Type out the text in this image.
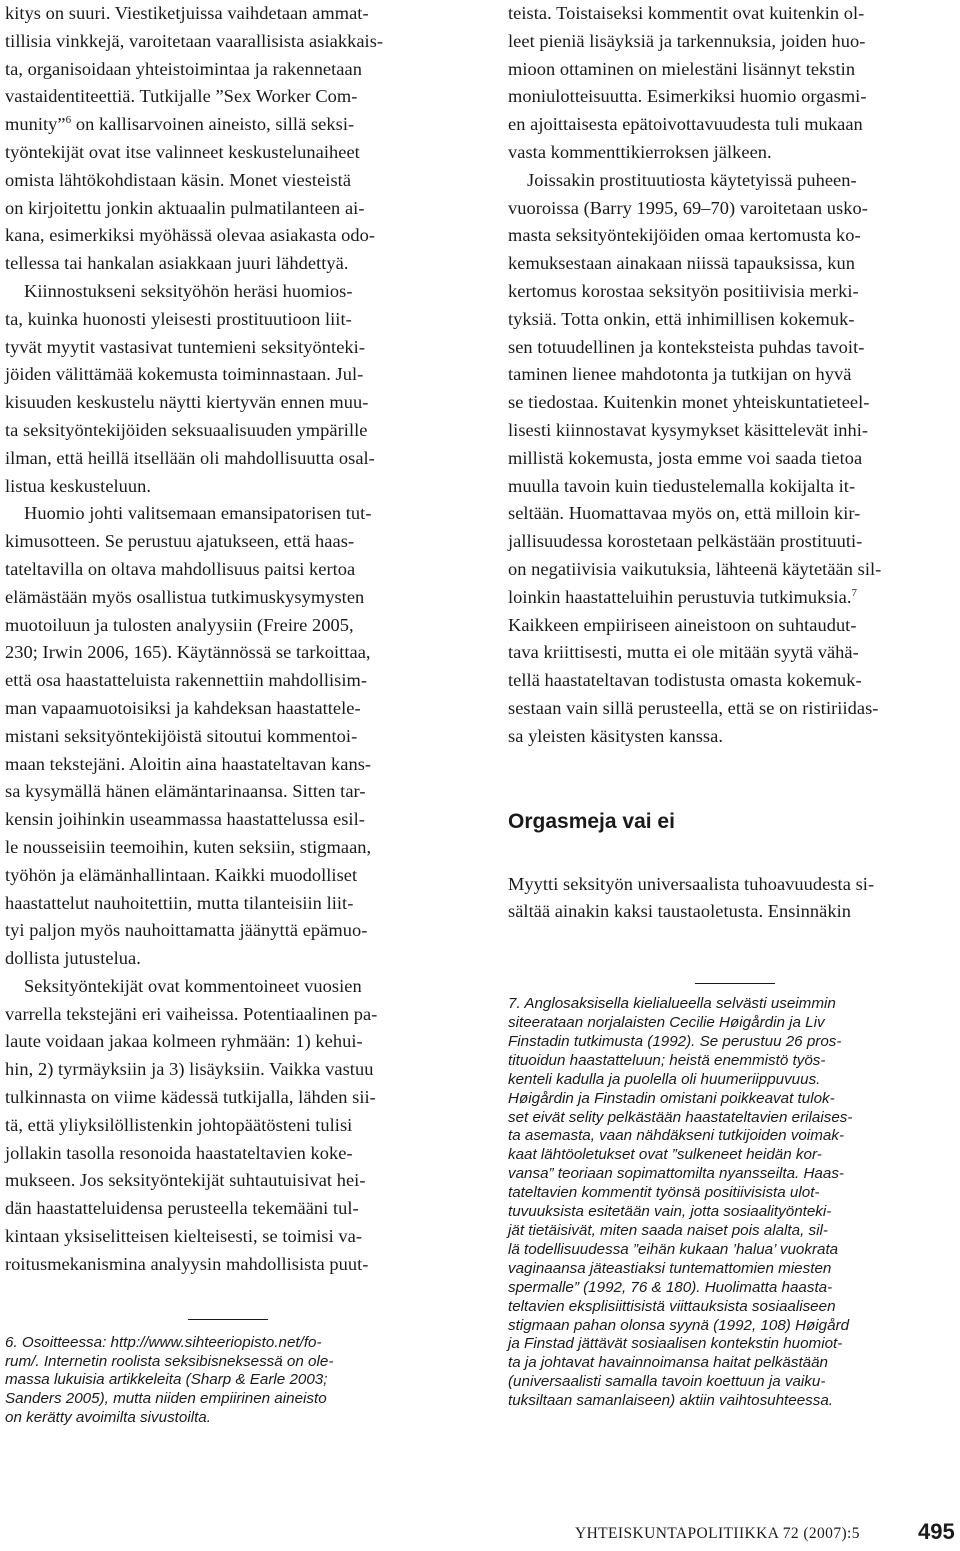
kitys on suuri. Viestiketjuissa vaihdetaan ammat-

tillisia vinkkejä, varoitetaan vaarallisista asiakkais-

ta, organisoidaan yhteistoimintaa ja rakennetaan

vastaidentiteettiä. Tutkijalle ”Sex Worker Com-

munity”$^6$ on kallisarvoinen aineisto, sillä seksi-

työntekijät ovat itse valinneet keskustelunaiheet

omista lähtökohdistaan käsin. Monet viesteistä

on kirjoitettu jonkin aktuaalin pulmatilanteen ai-

kana, esimerkiksi myöhässä olevaa asiakasta odo-

tellessa tai hankalan asiakkaan juuri lähdettyä.

Kiinnostukseni seksityöhön heräsi huomios-

ta, kuinka huonosti yleisesti prostituutioon liit-

tyvät myytit vastasivat tuntemieni seksityönteki-

jöiden välittämää kokemusta toiminnastaan. Jul-

kisuuden keskustelu näytti kiertyvän ennen muu-

ta seksityöntekijöiden seksuaalisuuden ympärille

ilman, että heillä itsellään oli mahdollisuutta osal-

listua keskusteluun.

Huomio johti valitsemaan emansipatorisen tut-

kimusotteen. Se perustuu ajatukseen, että haas-

tateltavilla on oltava mahdollisuus paitsi kertoa

elämästään myös osallistua tutkimuskysymysten

muotoiluun ja tulosten analyysiin (Freire 2005,

230; Irwin 2006, 165). Käytännössä se tarkoittaa,

että osa haastatteluista rakennettiin mahdollisim-

man vapaamuotoisiksi ja kahdeksan haastattele-

mistani seksityöntekijöistä sitoutui kommentoi-

maan tekstejäni. Aloitin aina haastateltavan kans-

sa kysymällä hänen elämäntarinaansa. Sitten tar-

kensin joihinkin useammassa haastattelussa esil-

le nousseisiin teemoihin, kuten seksiin, stigmaan,

työhön ja elämänhallintaan. Kaikki muodolliset

haastattelut nauhoitettiin, mutta tilanteisiin liit-

tyi paljon myös nauhoittamatta jäänyttä epämuo-

dollista jutustelua.

Seksityöntekijät ovat kommentoineet vuosien

varrella tekstejäni eri vaiheissa. Potentiaalinen pa-

laute voidaan jakaa kolmeen ryhmään: 1) kehui-

hin, 2) tyrmäyksiin ja 3) lisäyksiin. Vaikka vastuu

tulkinnasta on viime kädessä tutkijalla, lähden sii-

tä, että yliyksilöllistenkin johtopäätösteni tulisi

jollakin tasolla resonoida haastateltavien koke-

mukseen. Jos seksityöntekijät suhtautuisivat hei-

dän haastatteluidensa perusteella tekemääni tul-

kintaan yksiselitteisen kielteisesti, se toimisi va-

roitusmekanismina analyysin mahdollisista puut-

6. Osoitteessa: http://www.sihteeriopisto.net/fo-

rum/. Internetin roolista seksibisneksessä on ole-

massa lukuisia artikkeleita (Sharp & Earle 2003;

Sanders 2005), mutta niiden empiirinen aineisto

on kerätty avoimilta sivustoilta.

teista. Toistaiseksi kommentit ovat kuitenkin ol-

leet pieniä lisäyksiä ja tarkennuksia, joiden huo-

mioon ottaminen on mielestäni lisännyt tekstin

moniulotteisuutta. Esimerkiksi huomio orgasmi-

en ajoittaisesta epätoivottavuudesta tuli mukaan

vasta kommenttikierroksen jälkeen.

Joissakin prostituutiosta käytetyissä puheen-

vuoroissa (Barry 1995, 69–70) varoitetaan usko-

masta seksityöntekijöiden omaa kertomusta ko-

kemuksestaan ainakaan niissä tapauksissa, kun

kertomus korostaa seksityön positiivisia merki-

tyksiä. Totta onkin, että inhimillisen kokemuk-

sen totuudellinen ja konteksteista puhdas tavoit-

taminen lienee mahdotonta ja tutkijan on hyvä

se tiedostaa. Kuitenkin monet yhteiskuntatieteel-

lisesti kiinnostavat kysymykset käsittelevät inhi-

millistä kokemusta, josta emme voi saada tietoa

muulla tavoin kuin tiedustelemalla kokijalta it-

seltään. Huomattavaa myös on, että milloin kir-

jallisuudessa korostetaan pelkästään prostituuti-

on negatiivisia vaikutuksia, lähteenä käytetään sil-

loinkin haastatteluihin perustuvia tutkimuksia.$^7$

Kaikkeen empiiriseen aineistoon on suhtaudut-

tava kriittisesti, mutta ei ole mitään syytä vähä-

tellä haastateltavan todistusta omasta kokemuk-

sestaan vain sillä perusteella, että se on ristiriidas-

sa yleisten käsitysten kanssa.

Orgasmeja vai ei

Myytti seksityön universaalista tuhoavuudesta si-

sältää ainakin kaksi taustaoletusta. Ensinnäkin

7. Anglosaksisella kielialueella selvästi useimmin

siteerataan norjalaisten Cecilie Høigårdin ja Liv

Finstadin tutkimusta (1992). Se perustuu 26 pros-

tituoidun haastatteluun; heistä enemmistö työs-

kenteli kadulla ja puolella oli huumeriippuvuus.

Høigårdin ja Finstadin omistani poikkeavat tulok-

set eivät selity pelkästään haastateltavien erilaises-

ta asemasta, vaan nähdäkseni tutkijoiden voimak-

kaat lähtöoletukset ovat ”sulkeneet heidän kor-

vansa” teoriaan sopimattomilta nyansseilta. Haas-

tateltavien kommentit työnsä positiivisista ulot-

tuvuuksista esitetään vain, jotta sosiaalityönteki-

jät tietäisivät, miten saada naiset pois alalta, sil-

lä todellisuudessa ”eihän kukaan ’halua’ vuokrata

vaginaansa jäteastiaksi tuntemattomien miesten

spermalle” (1992, 76 & 180). Huolimatta haasta-

teltavien eksplisiittisistä viittauksista sosiaaliseen

stigmaan pahan olonsa syynä (1992, 108) Høigård

ja Finstad jättävät sosiaalisen kontekstin huomiot-

ta ja johtavat havainnoimansa haitat pelkästään

(universaalisti samalla tavoin koettuun ja vaiku-

tuksiltaan samanlaiseen) aktiin vaihtosuhteessa.

YHTEISKUNTAPOLITIIKKA 72 (2007):5	495
